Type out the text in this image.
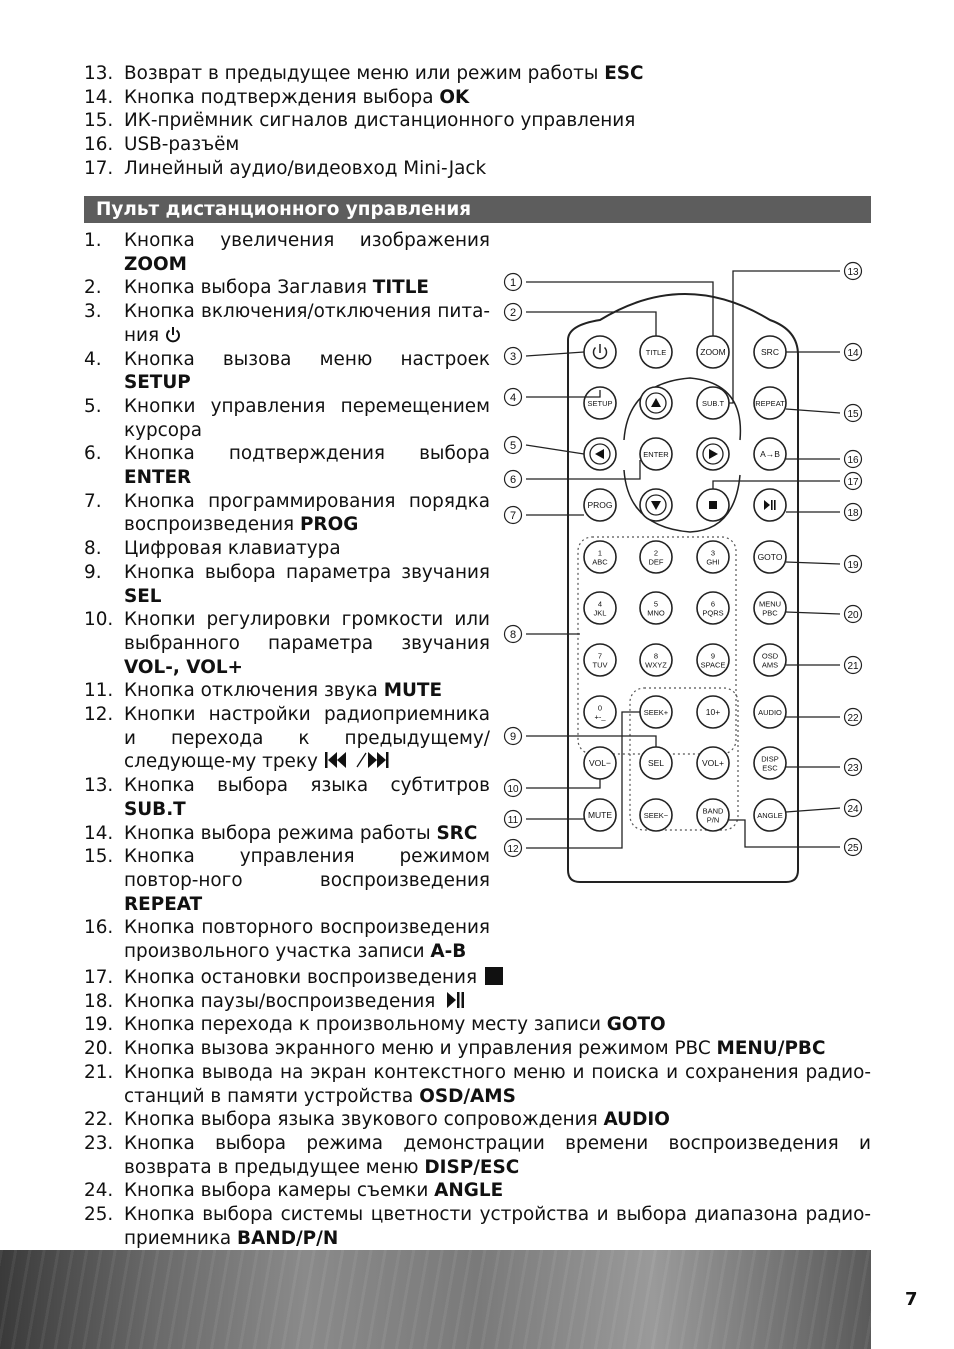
13. Возврат в предыдущее меню или режим работы ESC
14. Кнопка подтверждения выбора OK
15. ИК-приёмник сигналов дистанционного управления
16. USB-разъём
17. Линейный аудио/видеовход Mini-Jack
Пульт дистанционного управления
1. Кнопка увеличения изображения ZOOM
2. Кнопка выбора Заглавия TITLE
3. Кнопка включения/отключения пита-ния
4. Кнопка вызова меню настроек SETUP
5. Кнопки управления перемещением курсора
6. Кнопка подтверждения выбора ENTER
7. Кнопка программирования порядка воспроизведения PROG
8. Цифровая клавиатура
9. Кнопка выбора параметра звучания SEL
10. Кнопки регулировки громкости или выбранного параметра звучания VOL-, VOL+
11. Кнопка отключения звука MUTE
12. Кнопки настройки радиоприемника и перехода к предыдущему/следующе-му треку
13. Кнопка выбора языка субтитров SUB.T
14. Кнопка выбора режима работы SRC
15. Кнопка управления режимом повтор-ного воспроизведения REPEAT
16. Кнопка повторного воспроизведения произвольного участка записи A-B
TITLE	ZOOM	SRC
SETUP	SUB.T	REPEAT
ENTER	A→B
PROG
1
ABC
2
DEF
3
GHI	GOTO
4
JKL
5
MNO
6
PQRS
MENU
PBC
7
TUV
8
WXYZ
9
SPACE
OSD
AMS
0
+-_	SEEK+	10+	AUDIO
VOL−	SEL	VOL+	DISP
ESC
MUTE	SEEK−	BAND
P/N	ANGLE
1
2
3
4
5
6
7
8
9
10
11
12
13
14
15
16
17
18
19
20
21
22
23
24
25
17. Кнопка остановки воспроизведения
18. Кнопка паузы/воспроизведения
19. Кнопка перехода к произвольному месту записи GOTO
20. Кнопка вызова экранного меню и управления режимом PBC MENU/PBC
21. Кнопка вывода на экран контекстного меню и поиска и сохранения радио-станций в памяти устройства OSD/AMS
22. Кнопка выбора языка звукового сопровождения AUDIO
23. Кнопка выбора режима демонстрации времени воспроизведения и возврата в предыдущее меню DISP/ESC
24. Кнопка выбора камеры съемки ANGLE
25. Кнопка выбора системы цветности устройства и выбора диапазона радио-приемника BAND/P/N
7
